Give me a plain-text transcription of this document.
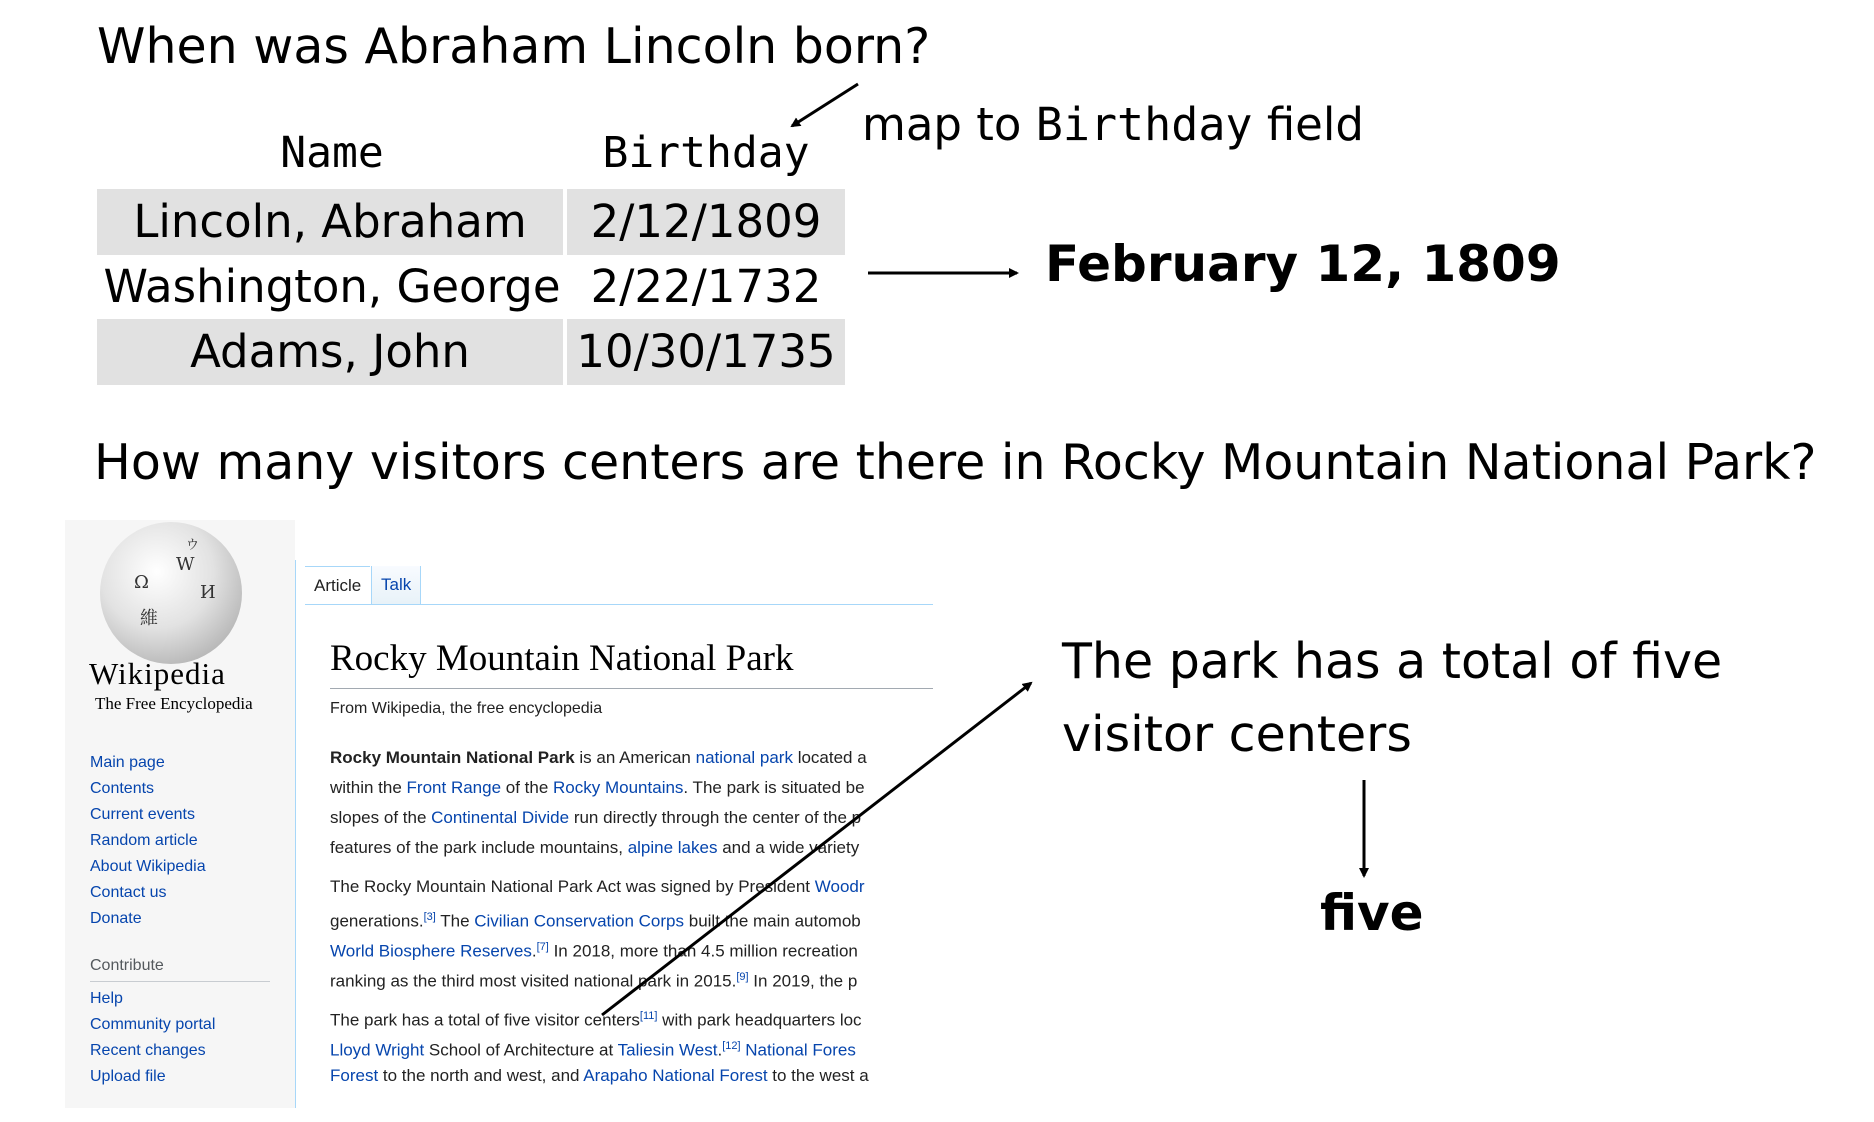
When was Abraham Lincoln born?
map to Birthday field
Name	Birthday
Lincoln, Abraham	2/12/1809
Washington, George 2/22/1732
Adams, John	10/30/1735
February 12, 1809
How many visitors centers are there in Rocky Mountain National Park?
Ω
W
И
維
ウ
Wikipedia
The Free Encyclopedia
Main page
Contents
Current events
Random article
About Wikipedia
Contact us
Donate
Contribute
Help
Community portal
Recent changes
Upload file
Article	Talk
Rocky Mountain National Park
From Wikipedia, the free encyclopedia
Rocky Mountain National Park is an American national park located a
within the Front Range of the Rocky Mountains. The park is situated be
slopes of the Continental Divide run directly through the center of the p
features of the park include mountains, alpine lakes and a wide variety
The Rocky Mountain National Park Act was signed by President Woodr
generations.[3] The Civilian Conservation Corps built the main automob
World Biosphere Reserves.[7] In 2018, more than 4.5 million recreation
ranking as the third most visited national park in 2015.[9] In 2019, the p
The park has a total of five visitor centers[11] with park headquarters loc
Lloyd Wright School of Architecture at Taliesin West.[12] National Fores
Forest to the north and west, and Arapaho National Forest to the west a
The park has a total of five
visitor centers
five
